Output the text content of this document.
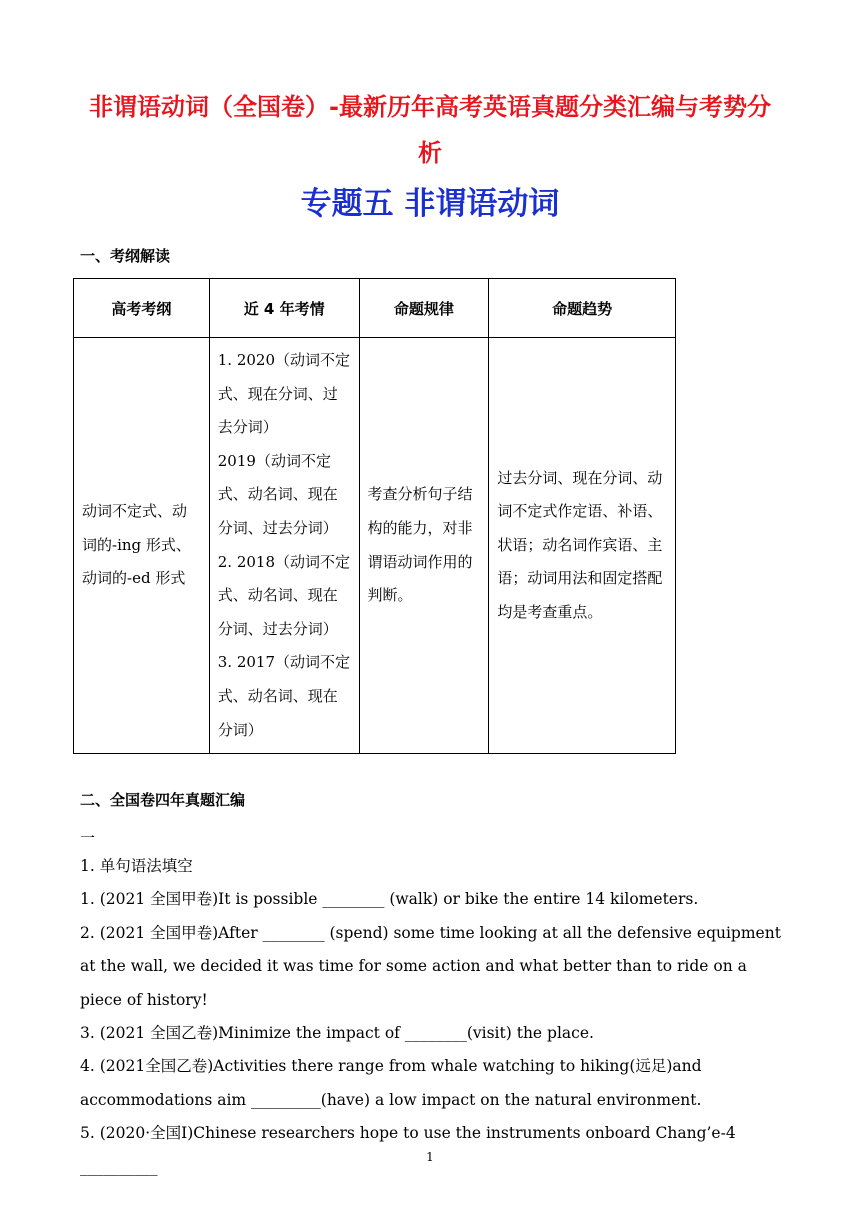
非谓语动词（全国卷）-最新历年高考英语真题分类汇编与考势分析
专题五 非谓语动词
一、考纲解读
高考考纲	近 4 年考情	命题规律	命题趋势
动词不定式、动词的-ing 形式、动词的-ed 形式	1. 2020（动词不定式、现在分词、过去分词）
2019（动词不定式、动名词、现在分词、过去分词）
2. 2018（动词不定式、动名词、现在分词、过去分词）
3. 2017（动词不定式、动名词、现在分词）	考查分析句子结构的能力，对非谓语动词作用的判断。	过去分词、现在分词、动词不定式作定语、补语、状语；动名词作宾语、主语；动词用法和固定搭配均是考查重点。
二、全国卷四年真题汇编
一

1. 单句语法填空

1. (2021 全国甲卷)It is possible ________ (walk) or bike the entire 14 kilometers.

2. (2021 全国甲卷)After ________ (spend) some time looking at all the defensive equipment at the wall, we decided it was time for some action and what better than to ride on a piece of history!

3. (2021 全国乙卷)Minimize the impact of ________(visit) the place.

4. (2021全国乙卷)Activities there range from whale watching to hiking(远足)and accommodations aim _________(have) a low impact on the natural environment.

5. (2020·全国I)Chinese researchers hope to use the instruments onboard Chang’e-4 __________

1
